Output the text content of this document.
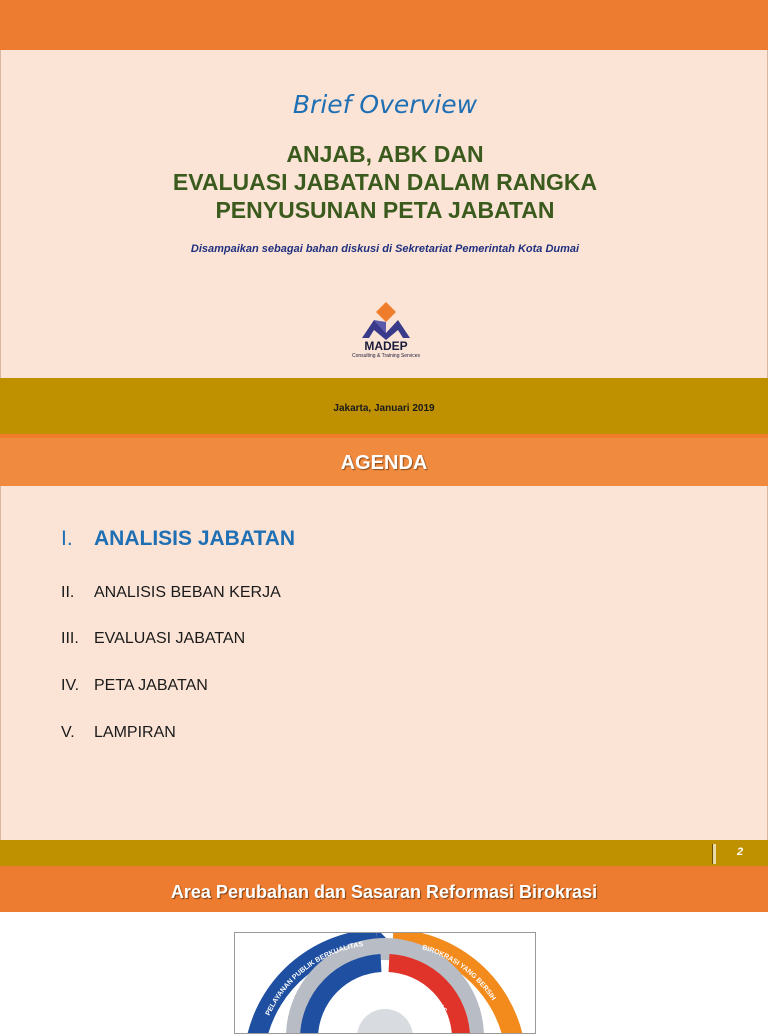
Brief Overview
ANJAB, ABK DAN
EVALUASI JABATAN DALAM RANGKA
PENYUSUNAN PETA JABATAN
Disampaikan sebagai bahan diskusi di Sekretariat Pemerintah Kota Dumai
MADEP
Consulting & Training Services
Jakarta, Januari 2019
AGENDA
I. ANALISIS JABATAN
II. ANALISIS BEBAN KERJA
III. EVALUASI JABATAN
IV. PETA JABATAN
V. LAMPIRAN
2
Area Perubahan dan Sasaran Reformasi Birokrasi
PELAYANAN PUBLIK BERKUALITAS	BIROKRASI YANG BERSIH
PENGAWASAN	AKUNTABILITAS
